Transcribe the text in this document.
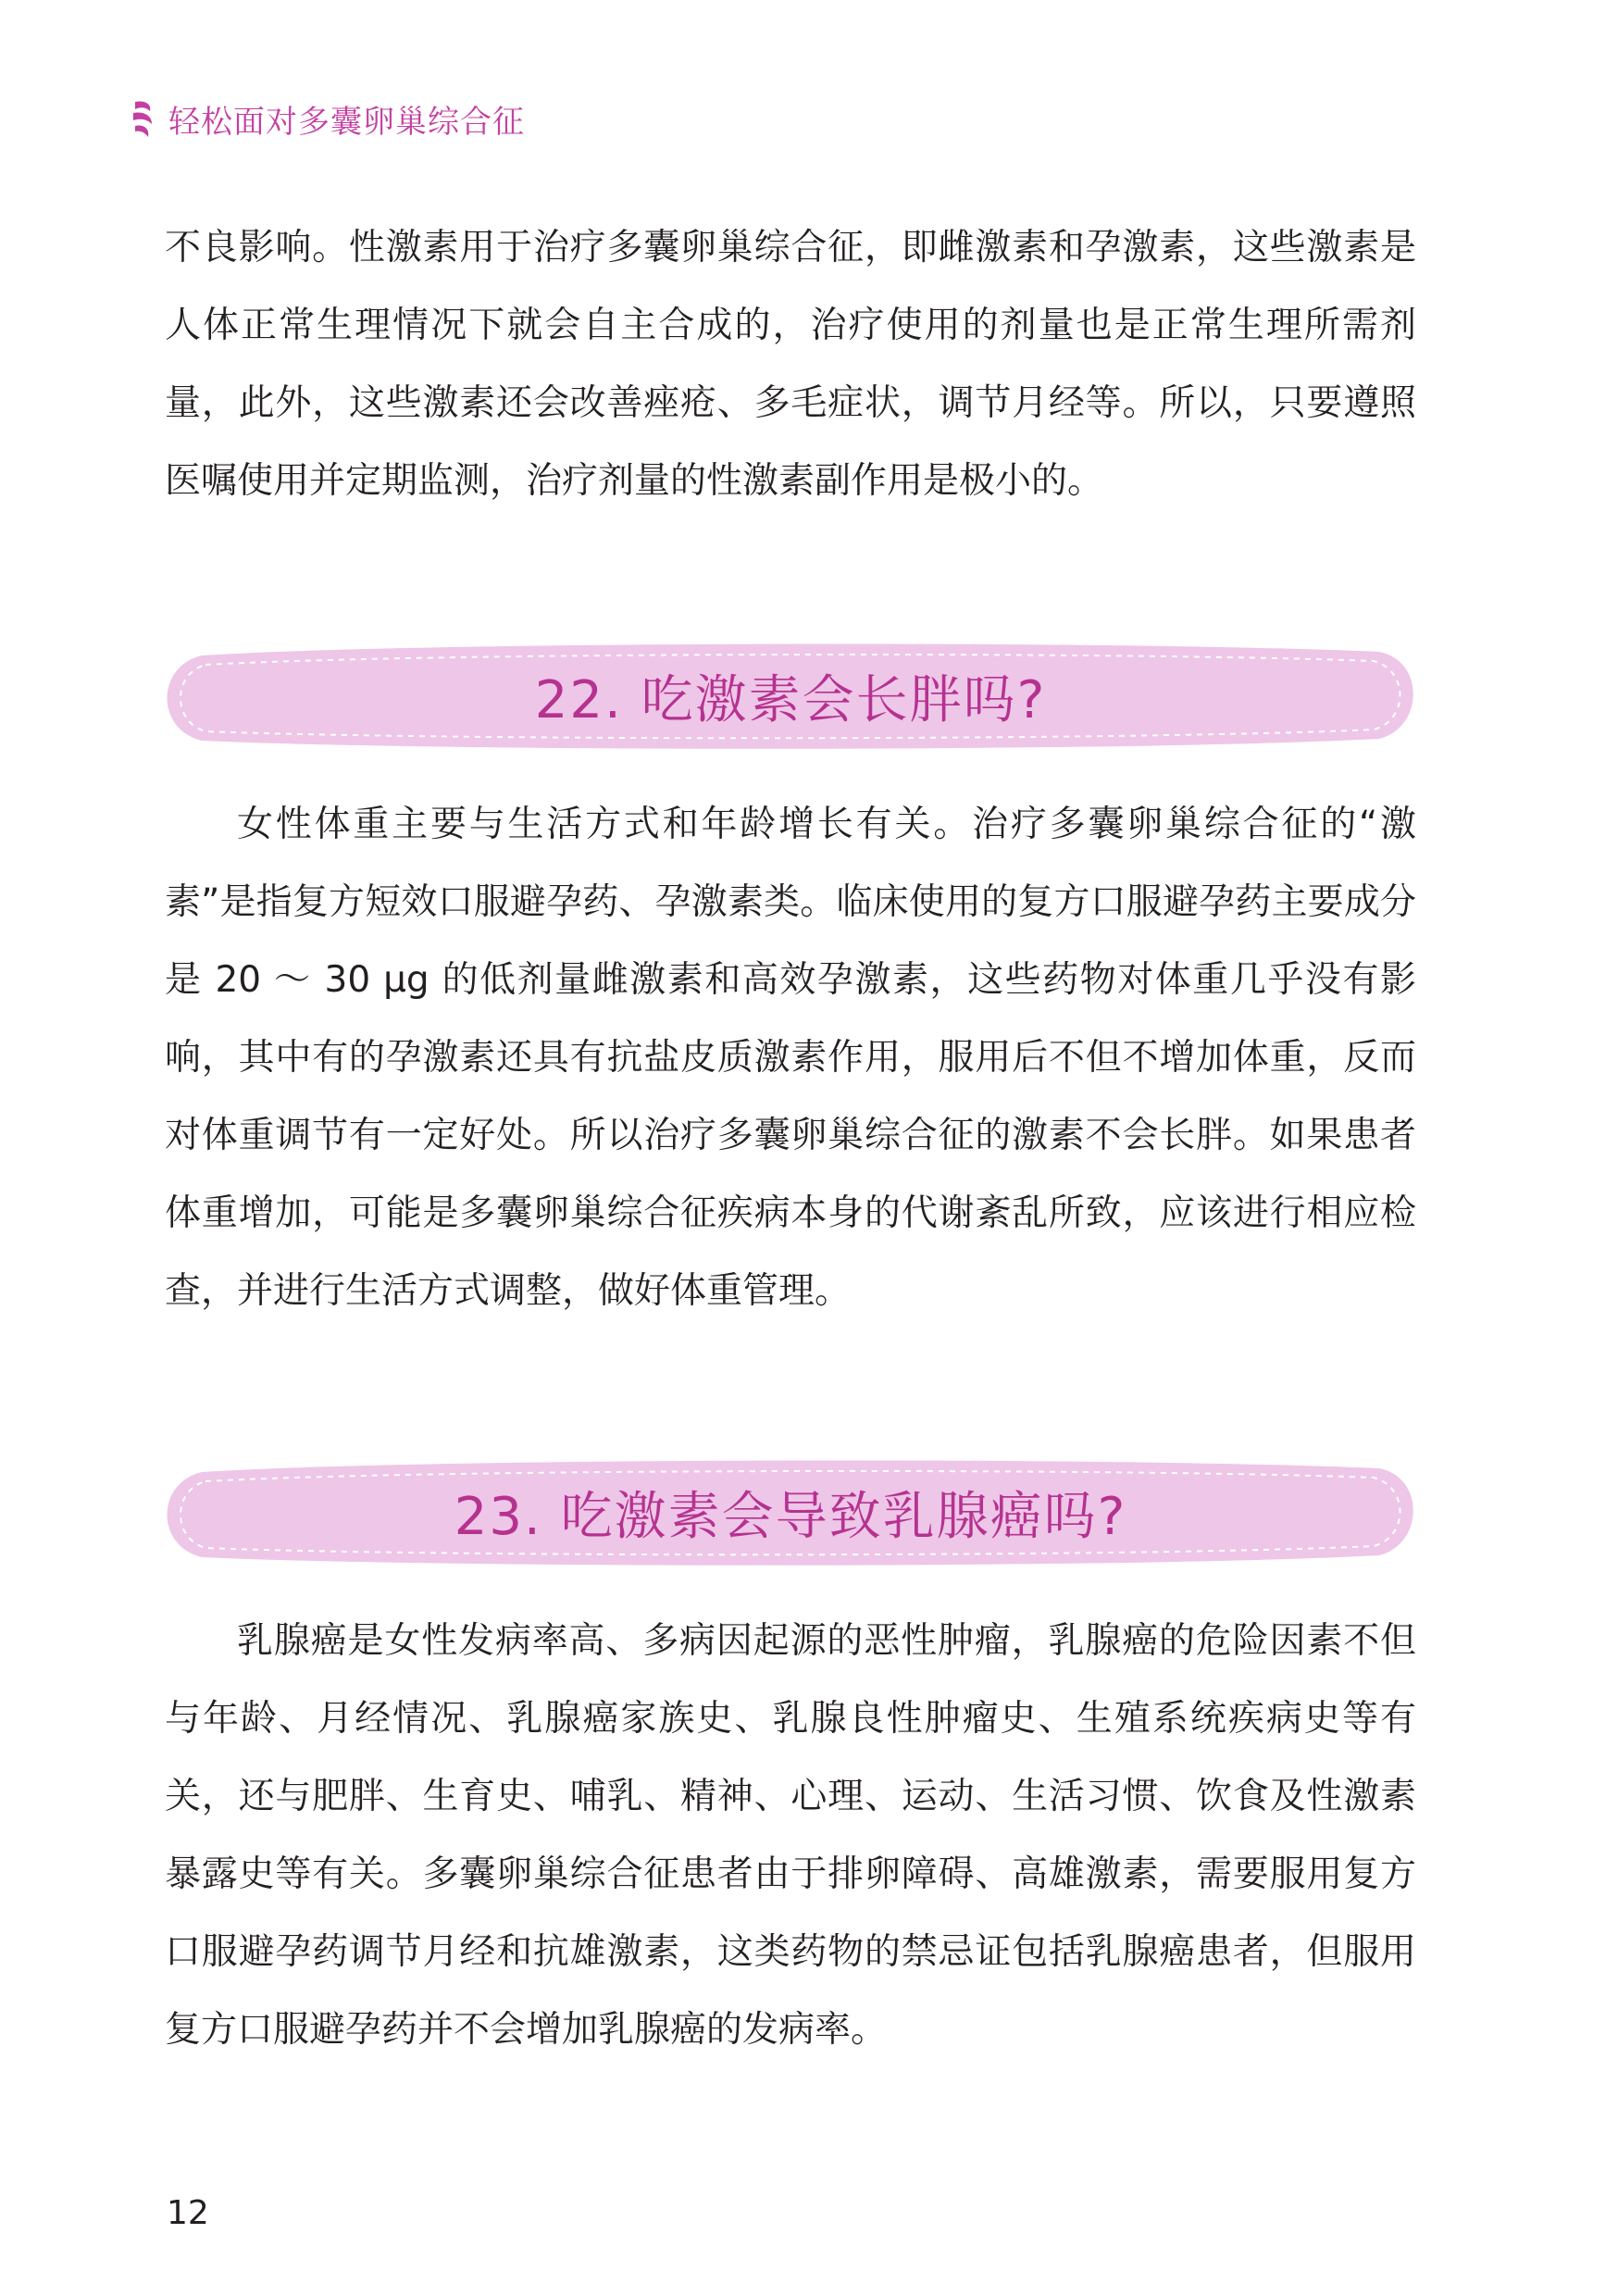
轻松面对多囊卵巢综合征

不良影响。性激素用于治疗多囊卵巢综合征，即雌激素和孕激素，这些激素是人体正常生理情况下就会自主合成的，治疗使用的剂量也是正常生理所需剂量，此外，这些激素还会改善痤疮、多毛症状，调节月经等。所以，只要遵照医嘱使用并定期监测，治疗剂量的性激素副作用是极小的。

22. 吃激素会长胖吗?

女性体重主要与生活方式和年龄增长有关。治疗多囊卵巢综合征的“激素”是指复方短效口服避孕药、孕激素类。临床使用的复方口服避孕药主要成分是 20 ～ 30 μg 的低剂量雌激素和高效孕激素，这些药物对体重几乎没有影响，其中有的孕激素还具有抗盐皮质激素作用，服用后不但不增加体重，反而对体重调节有一定好处。所以治疗多囊卵巢综合征的激素不会长胖。如果患者体重增加，可能是多囊卵巢综合征疾病本身的代谢紊乱所致，应该进行相应检查，并进行生活方式调整，做好体重管理。

23. 吃激素会导致乳腺癌吗?

乳腺癌是女性发病率高、多病因起源的恶性肿瘤，乳腺癌的危险因素不但与年龄、月经情况、乳腺癌家族史、乳腺良性肿瘤史、生殖系统疾病史等有关，还与肥胖、生育史、哺乳、精神、心理、运动、生活习惯、饮食及性激素暴露史等有关。多囊卵巢综合征患者由于排卵障碍、高雄激素，需要服用复方口服避孕药调节月经和抗雄激素，这类药物的禁忌证包括乳腺癌患者，但服用复方口服避孕药并不会增加乳腺癌的发病率。

12
